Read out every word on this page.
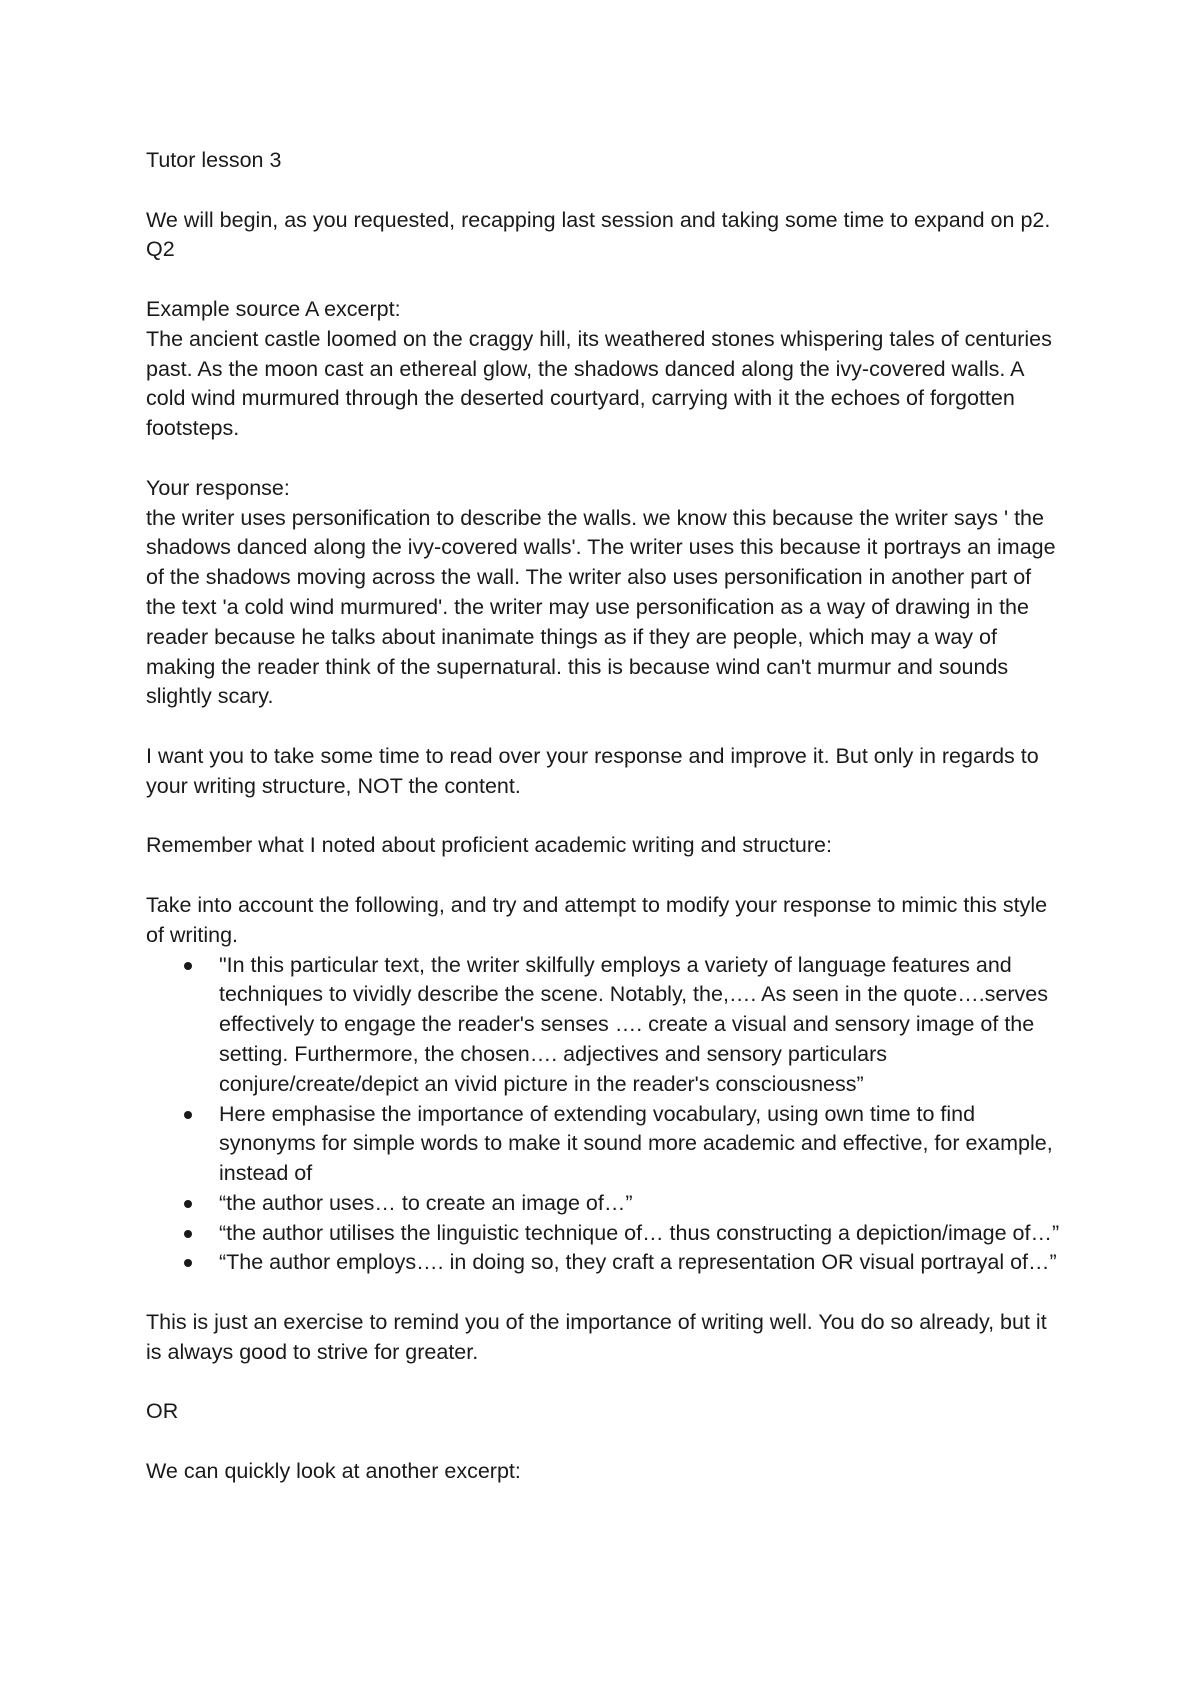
Tutor lesson 3

We will begin, as you requested, recapping last session and taking some time to expand on p2. Q2

Example source A excerpt:

The ancient castle loomed on the craggy hill, its weathered stones whispering tales of centuries past. As the moon cast an ethereal glow, the shadows danced along the ivy-covered walls. A cold wind murmured through the deserted courtyard, carrying with it the echoes of forgotten footsteps.

Your response:

the writer uses personification to describe the walls. we know this because the writer says ' the shadows danced along the ivy-covered walls'. The writer uses this because it portrays an image of the shadows moving across the wall. The writer also uses personification in another part of the text 'a cold wind murmured'. the writer may use personification as a way of drawing in the reader because he talks about inanimate things as if they are people, which may a way of making the reader think of the supernatural. this is because wind can't murmur and sounds slightly scary.

I want you to take some time to read over your response and improve it. But only in regards to your writing structure, NOT the content.

Remember what I noted about proficient academic writing and structure:

Take into account the following, and try and attempt to modify your response to mimic this style of writing.

"In this particular text, the writer skilfully employs a variety of language features and techniques to vividly describe the scene. Notably, the,…. As seen in the quote….serves effectively to engage the reader's senses …. create a visual and sensory image of the setting. Furthermore, the chosen…. adjectives and sensory particulars conjure/create/depict an vivid picture in the reader's consciousness”
Here emphasise the importance of extending vocabulary, using own time to find synonyms for simple words to make it sound more academic and effective, for example, instead of
“the author uses… to create an image of…”
“the author utilises the linguistic technique of… thus constructing a depiction/image of…”
“The author employs…. in doing so, they craft a representation OR visual portrayal of…”

This is just an exercise to remind you of the importance of writing well. You do so already, but it is always good to strive for greater.

OR

We can quickly look at another excerpt:
